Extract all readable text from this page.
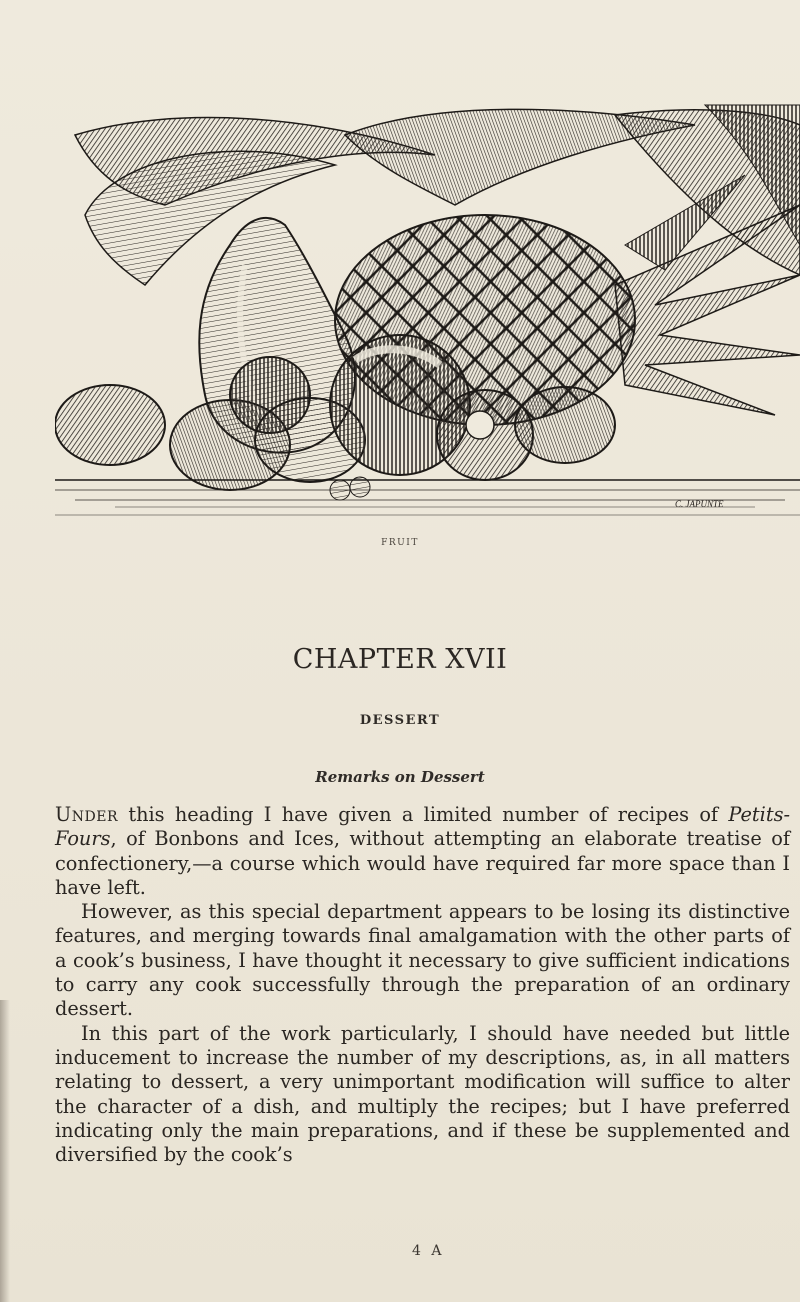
C. JAPUNTE
FRUIT
CHAPTER XVII
DESSERT
Remarks on Dessert

Under this heading I have given a limited number of recipes of Petits-Fours, of Bonbons and Ices, without attempting an elaborate treatise of confectionery,—a course which would have required far more space than I have left.

However, as this special department appears to be losing its distinctive features, and merging towards final amalgamation with the other parts of a cook’s business, I have thought it necessary to give sufficient indications to carry any cook successfully through the preparation of an ordinary dessert.

In this part of the work particularly, I should have needed but little inducement to increase the number of my descriptions, as, in all matters relating to dessert, a very unimportant modification will suffice to alter the character of a dish, and multiply the recipes; but I have preferred indicating only the main preparations, and if these be supplemented and diversified by the cook’s

4 A
